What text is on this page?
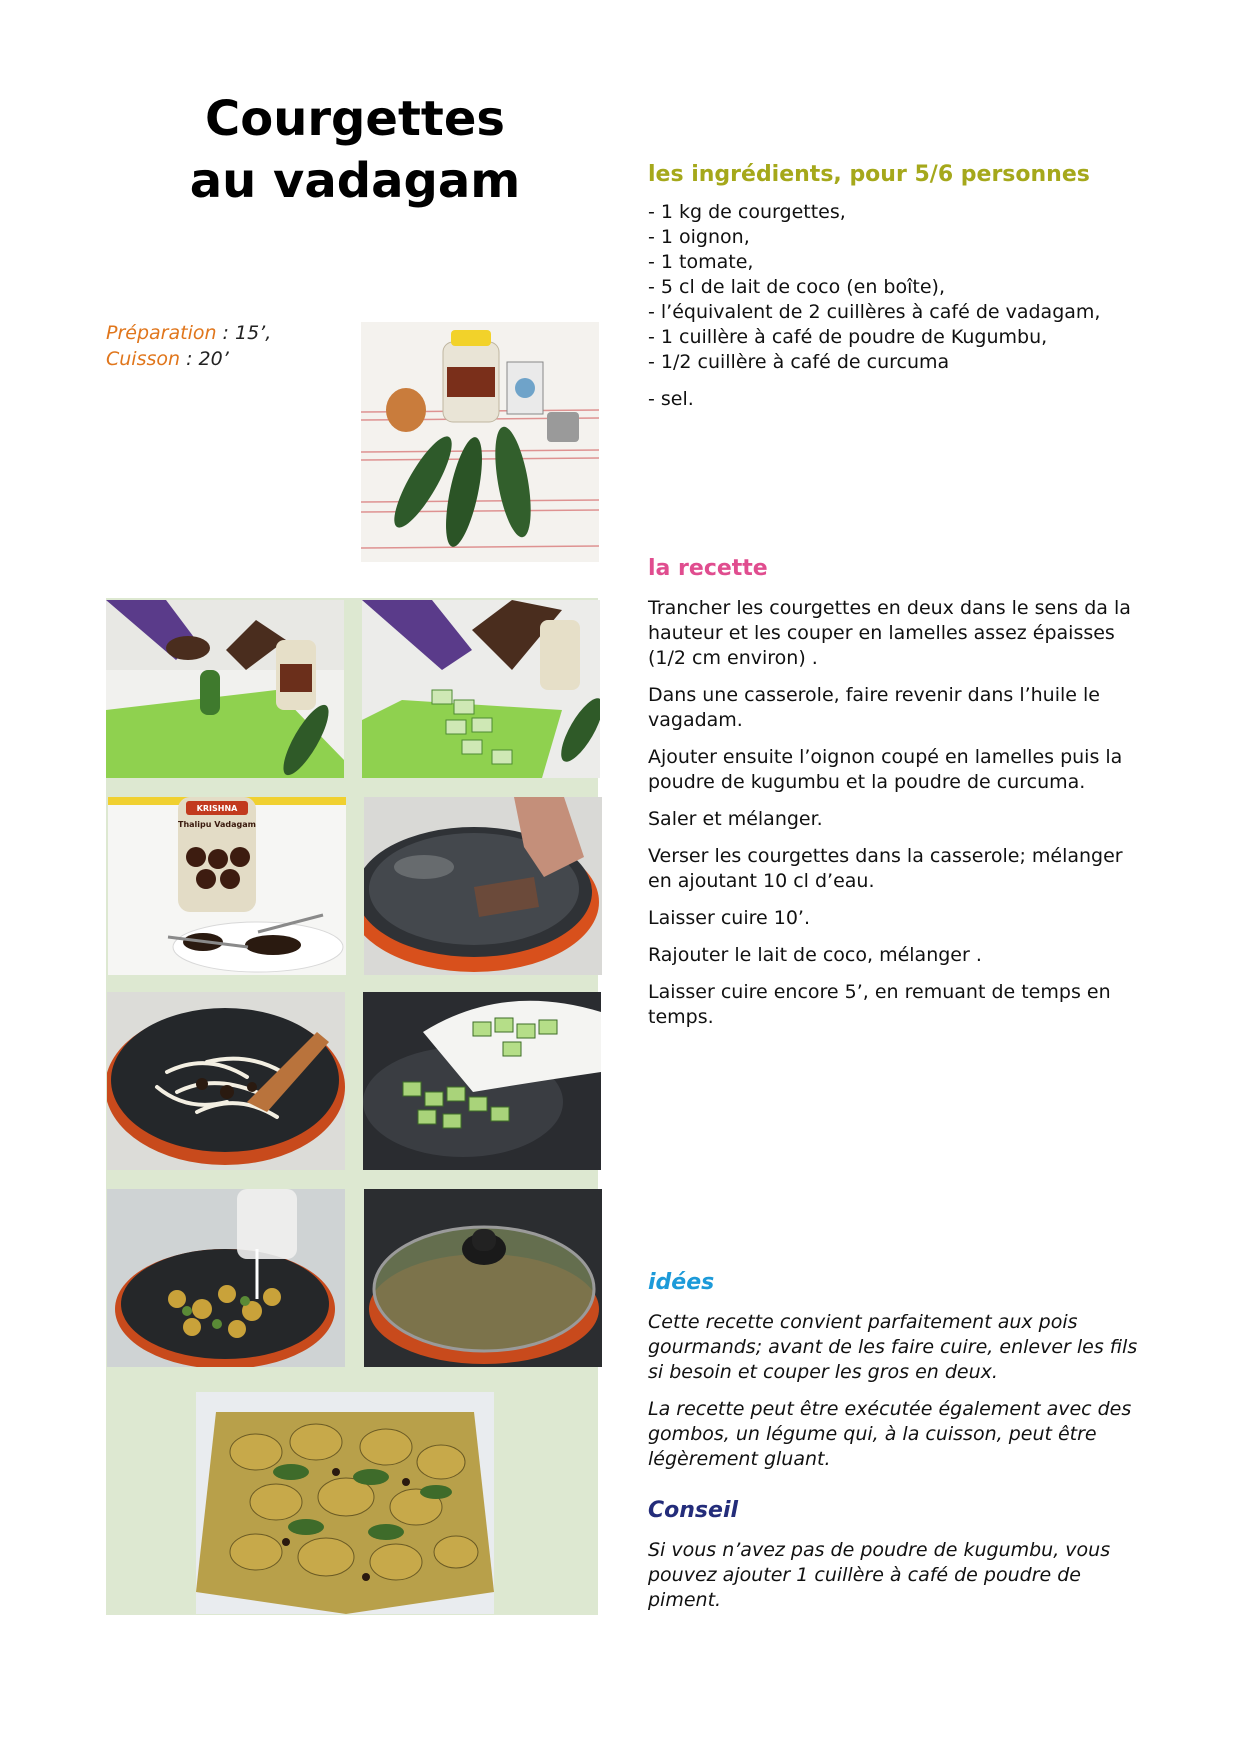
Courgettes
au vadagam
Préparation : 15’,
Cuisson : 20’
les ingrédients, pour 5/6 personnes
- 1 kg de courgettes,
- 1 oignon,
- 1 tomate,
- 5 cl de lait de coco (en boîte),
- l’équivalent de 2 cuillères à café de vadagam,
- 1 cuillère à café de poudre de Kugumbu,
- 1/2 cuillère à café de curcuma
- sel.
la recette

Trancher les courgettes en deux dans le sens da la hauteur et les couper en lamelles assez épaisses (1/2 cm environ) .

Dans une casserole, faire revenir dans l’huile le vagadam.

Ajouter ensuite l’oignon coupé en lamelles puis la poudre de kugumbu et la poudre de curcuma.

Saler et mélanger.

Verser les courgettes dans la casserole; mélanger en ajoutant 10 cl d’eau.

Laisser cuire 10’.

Rajouter le lait de coco, mélanger .

Laisser cuire encore 5’, en remuant de temps en temps.

KRISHNA
Thalipu Vadagam
idées

Cette recette convient parfaitement aux pois gourmands; avant de les faire cuire, enlever les fils si besoin et couper les gros en deux.

La recette peut être exécutée également avec des gombos, un légume qui, à la cuisson, peut être légèrement gluant.

Conseil
Si vous n’avez pas de poudre de kugumbu, vous pouvez ajouter 1 cuillère à café de poudre de piment.
